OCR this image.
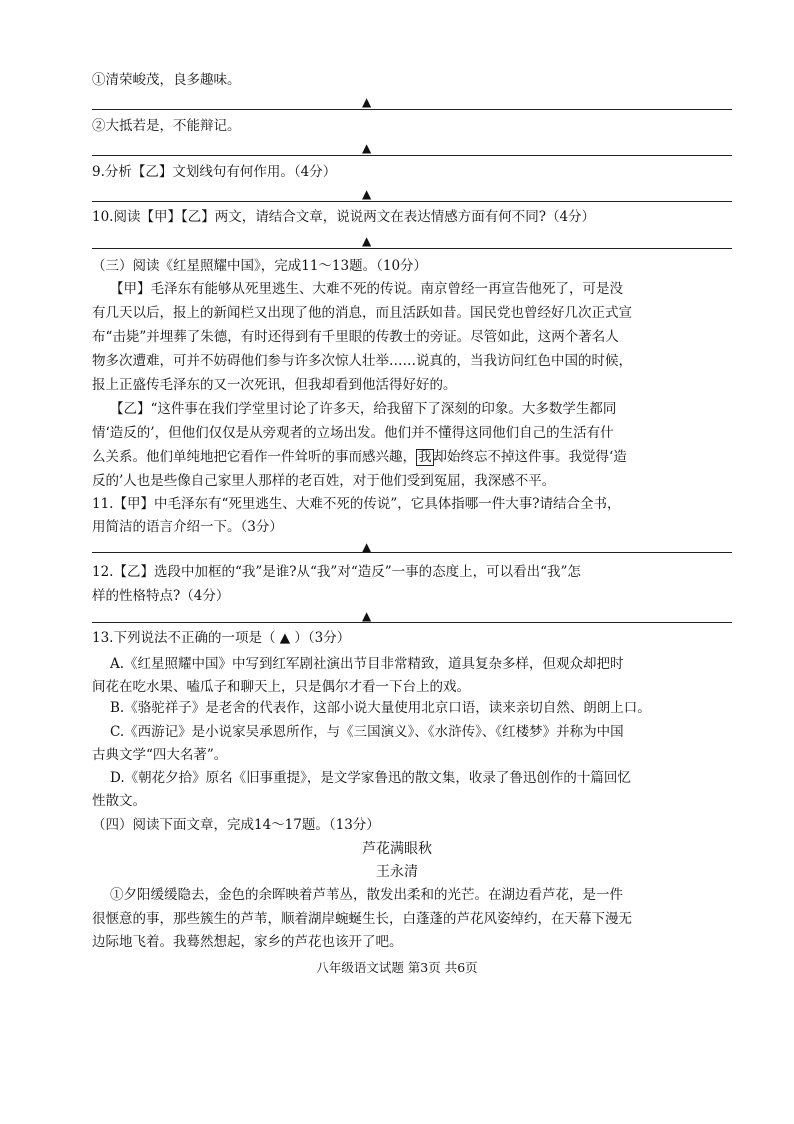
①清荣峻茂，良多趣味。
▲
②大抵若是，不能辩记。
▲
9.分析【乙】文划线句有何作用。（4分）
▲
10.阅读【甲】【乙】两文，请结合文章，说说两文在表达情感方面有何不同?（4分）
▲
（三）阅读《红星照耀中国》，完成11～13题。（10分）
【甲】毛泽东有能够从死里逃生、大难不死的传说。南京曾经一再宣告他死了，可是没
有几天以后，报上的新闻栏又出现了他的消息，而且活跃如昔。国民党也曾经好几次正式宣
布“击毙”并埋葬了朱德，有时还得到有千里眼的传教士的旁证。尽管如此，这两个著名人
物多次遭难，可并不妨碍他们参与许多次惊人壮举……说真的，当我访问红色中国的时候，
报上正盛传毛泽东的又一次死讯，但我却看到他活得好好的。
【乙】“这件事在我们学堂里讨论了许多天，给我留下了深刻的印象。大多数学生都同
情‘造反的’，但他们仅仅是从旁观者的立场出发。他们并不懂得这同他们自己的生活有什
么关系。他们单纯地把它看作一件耸听的事而感兴趣， 我 却始终忘不掉这件事。我觉得‘造
反的’人也是些像自己家里人那样的老百姓，对于他们受到冤屈，我深感不平。
11.【甲】中毛泽东有“死里逃生、大难不死的传说”，它具体指哪一件大事?请结合全书，
用简洁的语言介绍一下。（3分）
▲
12.【乙】选段中加框的“我”是谁?从“我”对“造反”一事的态度上，可以看出“我”怎
样的性格特点?（4分）
▲
13.下列说法不正确的一项是（ ▲ ）（3分）
A.《红星照耀中国》中写到红军剧社演出节目非常精致，道具复杂多样，但观众却把时
间花在吃水果、嗑瓜子和聊天上，只是偶尔才看一下台上的戏。
B.《骆驼祥子》是老舍的代表作，这部小说大量使用北京口语，读来亲切自然、朗朗上口。
C.《西游记》是小说家吴承恩所作，与《三国演义》、《水浒传》、《红楼梦》并称为中国
古典文学“四大名著”。
D.《朝花夕拾》原名《旧事重提》，是文学家鲁迅的散文集，收录了鲁迅创作的十篇回忆
性散文。
（四）阅读下面文章，完成14～17题。（13分）
芦花满眼秋
王永清
①夕阳缓缓隐去，金色的余晖映着芦苇丛，散发出柔和的光芒。在湖边看芦花，是一件
很惬意的事，那些簇生的芦苇，顺着湖岸蜿蜒生长，白蓬蓬的芦花风姿绰约，在天幕下漫无
边际地飞着。我蓦然想起，家乡的芦花也该开了吧。
八年级语文试题 第3页 共6页
